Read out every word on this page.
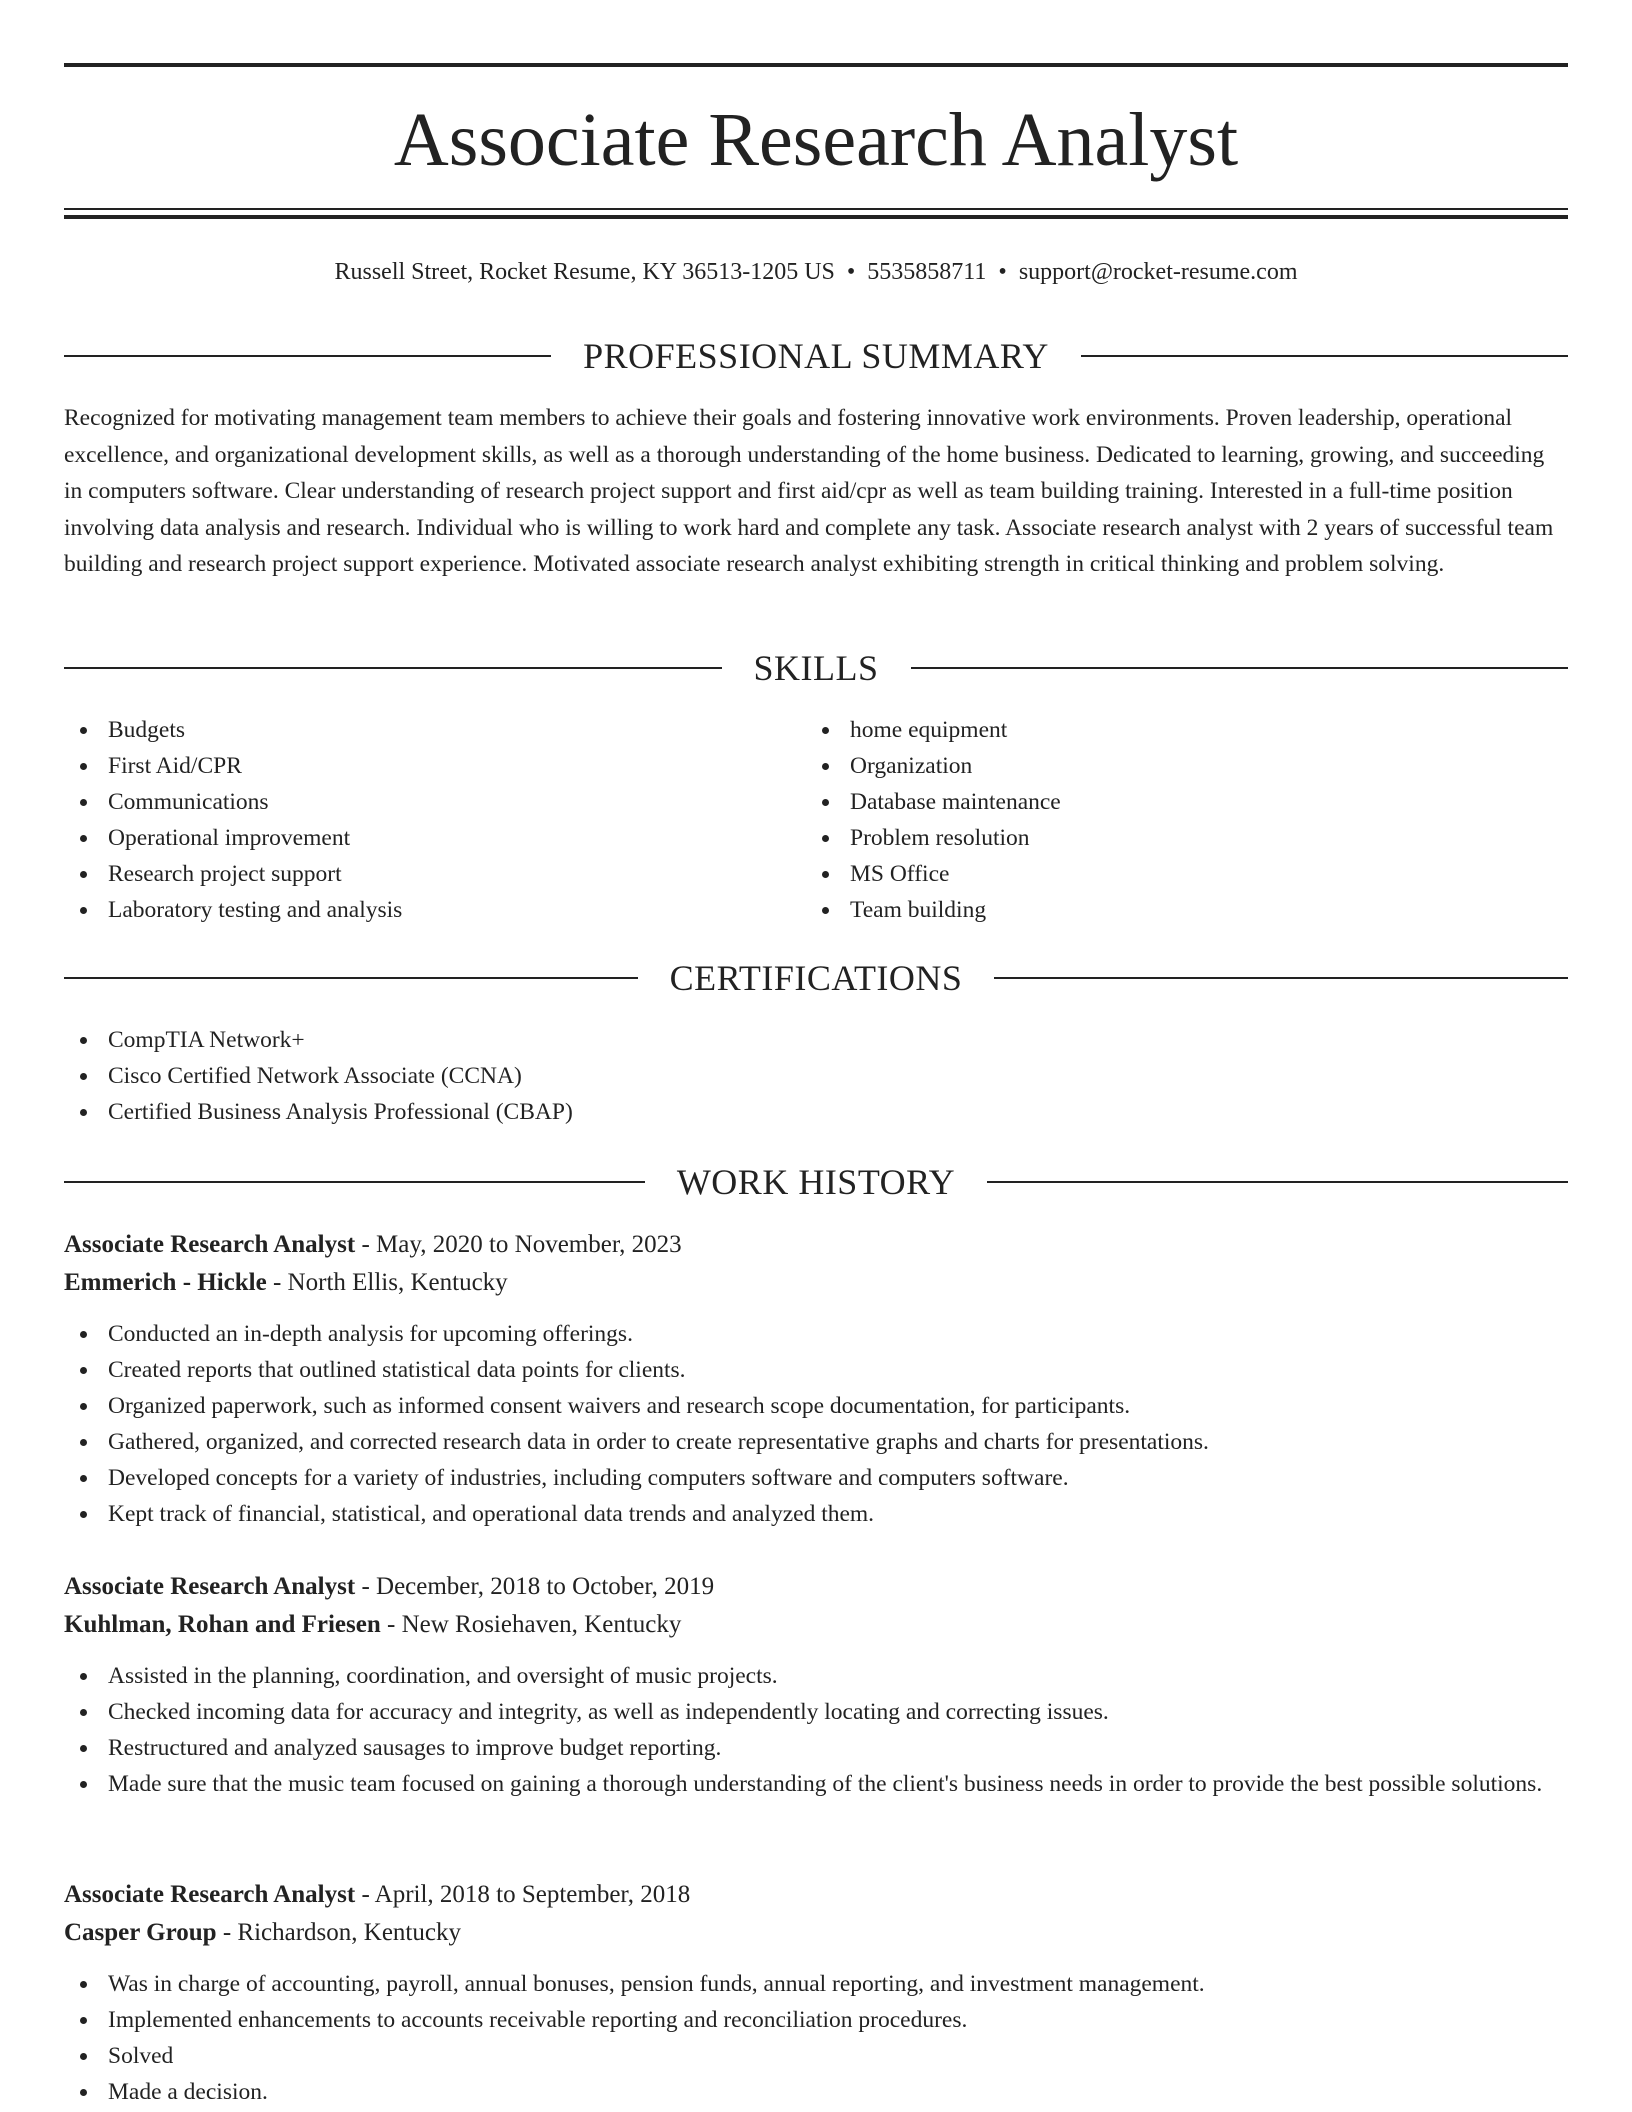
Associate Research Analyst
Russell Street, Rocket Resume, KY 36513-1205 US • 5535858711 • support@rocket-resume.com
PROFESSIONAL SUMMARY

Recognized for motivating management team members to achieve their goals and fostering innovative work environments. Proven leadership, operational excellence, and organizational development skills, as well as a thorough understanding of the home business. Dedicated to learning, growing, and succeeding in computers software. Clear understanding of research project support and first aid/cpr as well as team building training. Interested in a full-time position involving data analysis and research. Individual who is willing to work hard and complete any task. Associate research analyst with 2 years of successful team building and research project support experience. Motivated associate research analyst exhibiting strength in critical thinking and problem solving.

SKILLS
Budgets
First Aid/CPR
Communications
Operational improvement
Research project support
Laboratory testing and analysis
home equipment
Organization
Database maintenance
Problem resolution
MS Office
Team building
CERTIFICATIONS
CompTIA Network+
Cisco Certified Network Associate (CCNA)
Certified Business Analysis Professional (CBAP)
WORK HISTORY
Associate Research Analyst - May, 2020 to November, 2023
Emmerich - Hickle - North Ellis, Kentucky
Conducted an in-depth analysis for upcoming offerings.
Created reports that outlined statistical data points for clients.
Organized paperwork, such as informed consent waivers and research scope documentation, for participants.
Gathered, organized, and corrected research data in order to create representative graphs and charts for presentations.
Developed concepts for a variety of industries, including computers software and computers software.
Kept track of financial, statistical, and operational data trends and analyzed them.
Associate Research Analyst - December, 2018 to October, 2019
Kuhlman, Rohan and Friesen - New Rosiehaven, Kentucky
Assisted in the planning, coordination, and oversight of music projects.
Checked incoming data for accuracy and integrity, as well as independently locating and correcting issues.
Restructured and analyzed sausages to improve budget reporting.
Made sure that the music team focused on gaining a thorough understanding of the client's business needs in order to provide the best possible solutions.
Associate Research Analyst - April, 2018 to September, 2018
Casper Group - Richardson, Kentucky
Was in charge of accounting, payroll, annual bonuses, pension funds, annual reporting, and investment management.
Implemented enhancements to accounts receivable reporting and reconciliation procedures.
Solved
Made a decision.
